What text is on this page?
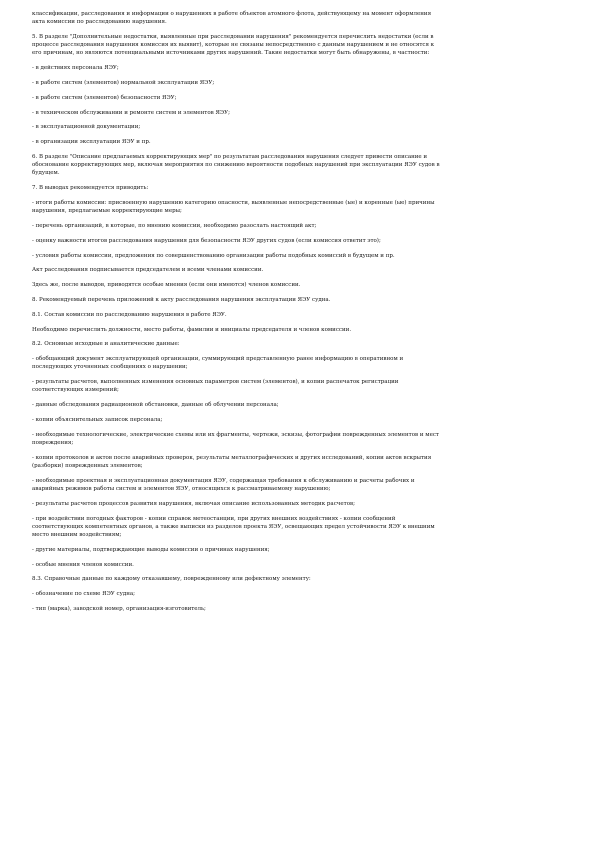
классификации, расследования и информации о нарушениях в работе объектов атомного флота, действующему на момент оформления
акта комиссии по расследованию нарушения.

5. В разделе "Дополнительные недостатки, выявленные при расследовании нарушения" рекомендуется перечислить недостатки (если в
процессе расследования нарушения комиссия их выявит), которые не связаны непосредственно с данным нарушением и не относятся к
его причинам, но являются потенциальными источниками других нарушений. Такие недостатки могут быть обнаружены, в частности:

- в действиях персонала ЯЭУ;

- в работе систем (элементов) нормальной эксплуатации ЯЭУ;

- в работе систем (элементов) безопасности ЯЭУ;

- в техническом обслуживании и ремонте систем и элементов ЯЭУ;

- в эксплуатационной документации;

- в организации эксплуатации ЯЭУ и пр.

6. В разделе "Описание предлагаемых корректирующих мер" по результатам расследования нарушения следует привести описание и
обоснование корректирующих мер, включая мероприятия по снижению вероятности подобных нарушений при эксплуатации ЯЭУ судов в
будущем.

7. В выводах рекомендуется приводить:

- итоги работы комиссии: присвоенную нарушению категорию опасности, выявленные непосредственные (ые) и коренные (ые) причины
нарушения, предлагаемые корректирующие меры;

- перечень организаций, в которые, по мнению комиссии, необходимо разослать настоящий акт;

- оценку важности итогов расследования нарушения для безопасности ЯЭУ других судов (если комиссия ответит это);

- условия работы комиссии, предложения по совершенствованию организации работы подобных комиссий в будущем и пр.

Акт расследования подписывается председателем и всеми членами комиссии.

Здесь же, после выводов, приводятся особые мнения (если они имеются) членов комиссии.

8. Рекомендуемый перечень приложений к акту расследования нарушения эксплуатации ЯЭУ судна.

8.1. Состав комиссии по расследованию нарушения в работе ЯЭУ.

Необходимо перечислить должности, место работы, фамилии и инициалы председателя и членов комиссии.

8.2. Основные исходные и аналитические данные:

- обобщающий документ эксплуатирующей организации, суммирующий представленную ранее информацию в оперативном и
последующих уточненных сообщениях о нарушении;

- результаты расчетов, выполненных изменения основных параметров систем (элементов), и копии распечаток регистрации
соответствующих измерений;

- данные обследования радиационной обстановки, данные об облучении персонала;

- копии объяснительных записок персонала;

- необходимые технологические, электрические схемы или их фрагменты, чертежи, эскизы, фотографии поврежденных элементов и мест
повреждения;

- копии протоколов и актов после аварийных проверок, результаты металлографических и других исследований, копии актов вскрытия
(разборки) поврежденных элементов;

- необходимые проектная и эксплуатационная документация ЯЭУ, содержащая требования к обслуживанию и расчеты рабочих и
аварийных режимов работы систем и элементов ЯЭУ, относящихся к рассматриваемому нарушению;

- результаты расчетов процессов развития нарушения, включая описание использованных методик расчетов;

- при воздействии погодных факторов - копии справок метеостанции, при других внешних воздействиях - копии сообщений
соответствующих компетентных органов, а также выписки из разделов проекта ЯЭУ, освещающих предел устойчивости ЯЭУ к внешним
место внешним воздействиям;

- другие материалы, подтверждающие выводы комиссии о причинах нарушения;

- особые мнения членов комиссии.

8.3. Справочные данные по каждому отказавшему, поврежденному или дефектному элементу:

- обозначение по схеме ЯЭУ судна;

- тип (марка), заводской номер, организация-изготовитель;
